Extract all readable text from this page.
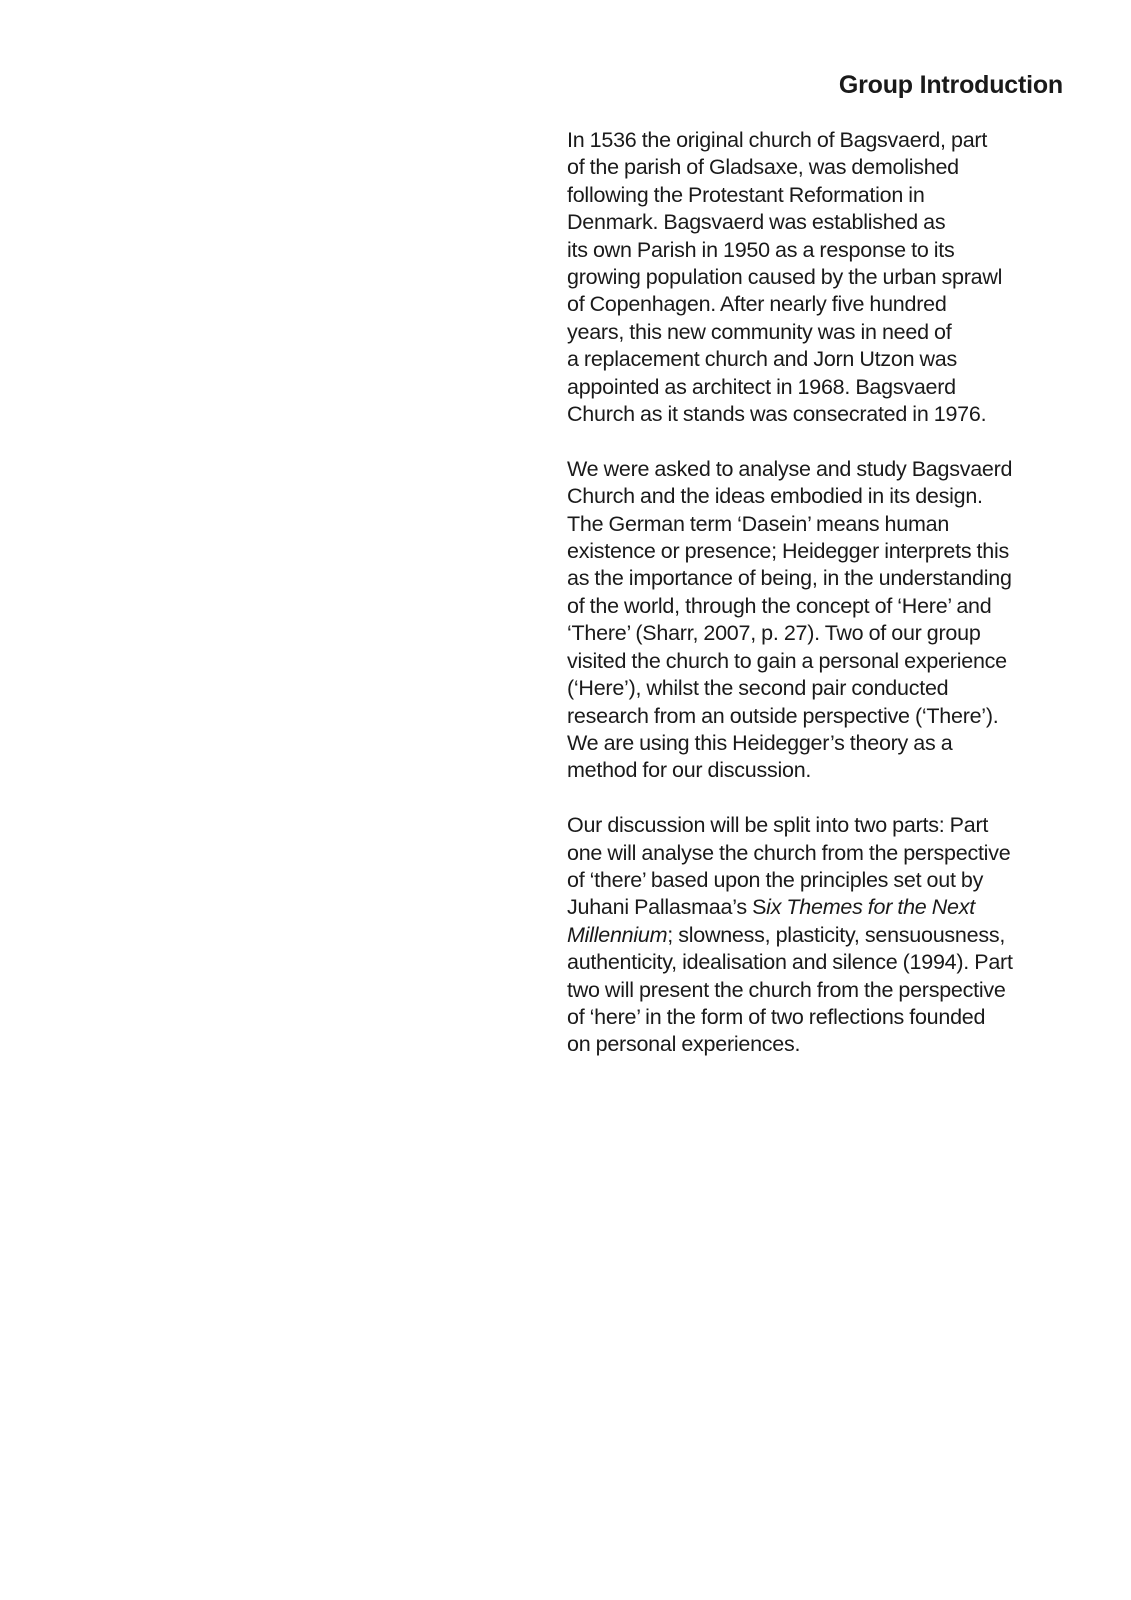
Group Introduction

In 1536 the original church of Bagsvaerd, part
of the parish of Gladsaxe, was demolished
following the Protestant Reformation in
Denmark. Bagsvaerd was established as
its own Parish in 1950 as a response to its
growing population caused by the urban sprawl
of Copenhagen. After nearly five hundred
years, this new community was in need of
a replacement church and Jorn Utzon was
appointed as architect in 1968. Bagsvaerd
Church as it stands was consecrated in 1976.

We were asked to analyse and study Bagsvaerd
Church and the ideas embodied in its design.
The German term ‘Dasein’ means human
existence or presence; Heidegger interprets this
as the importance of being, in the understanding
of the world, through the concept of ‘Here’ and
‘There’ (Sharr, 2007, p. 27). Two of our group
visited the church to gain a personal experience
(‘Here’), whilst the second pair conducted
research from an outside perspective (‘There’).
We are using this Heidegger’s theory as a
method for our discussion.

Our discussion will be split into two parts: Part
one will analyse the church from the perspective
of ‘there’ based upon the principles set out by
Juhani Pallasmaa’s Six Themes for the Next
Millennium; slowness, plasticity, sensuousness,
authenticity, idealisation and silence (1994). Part
two will present the church from the perspective
of ‘here’ in the form of two reflections founded
on personal experiences.
